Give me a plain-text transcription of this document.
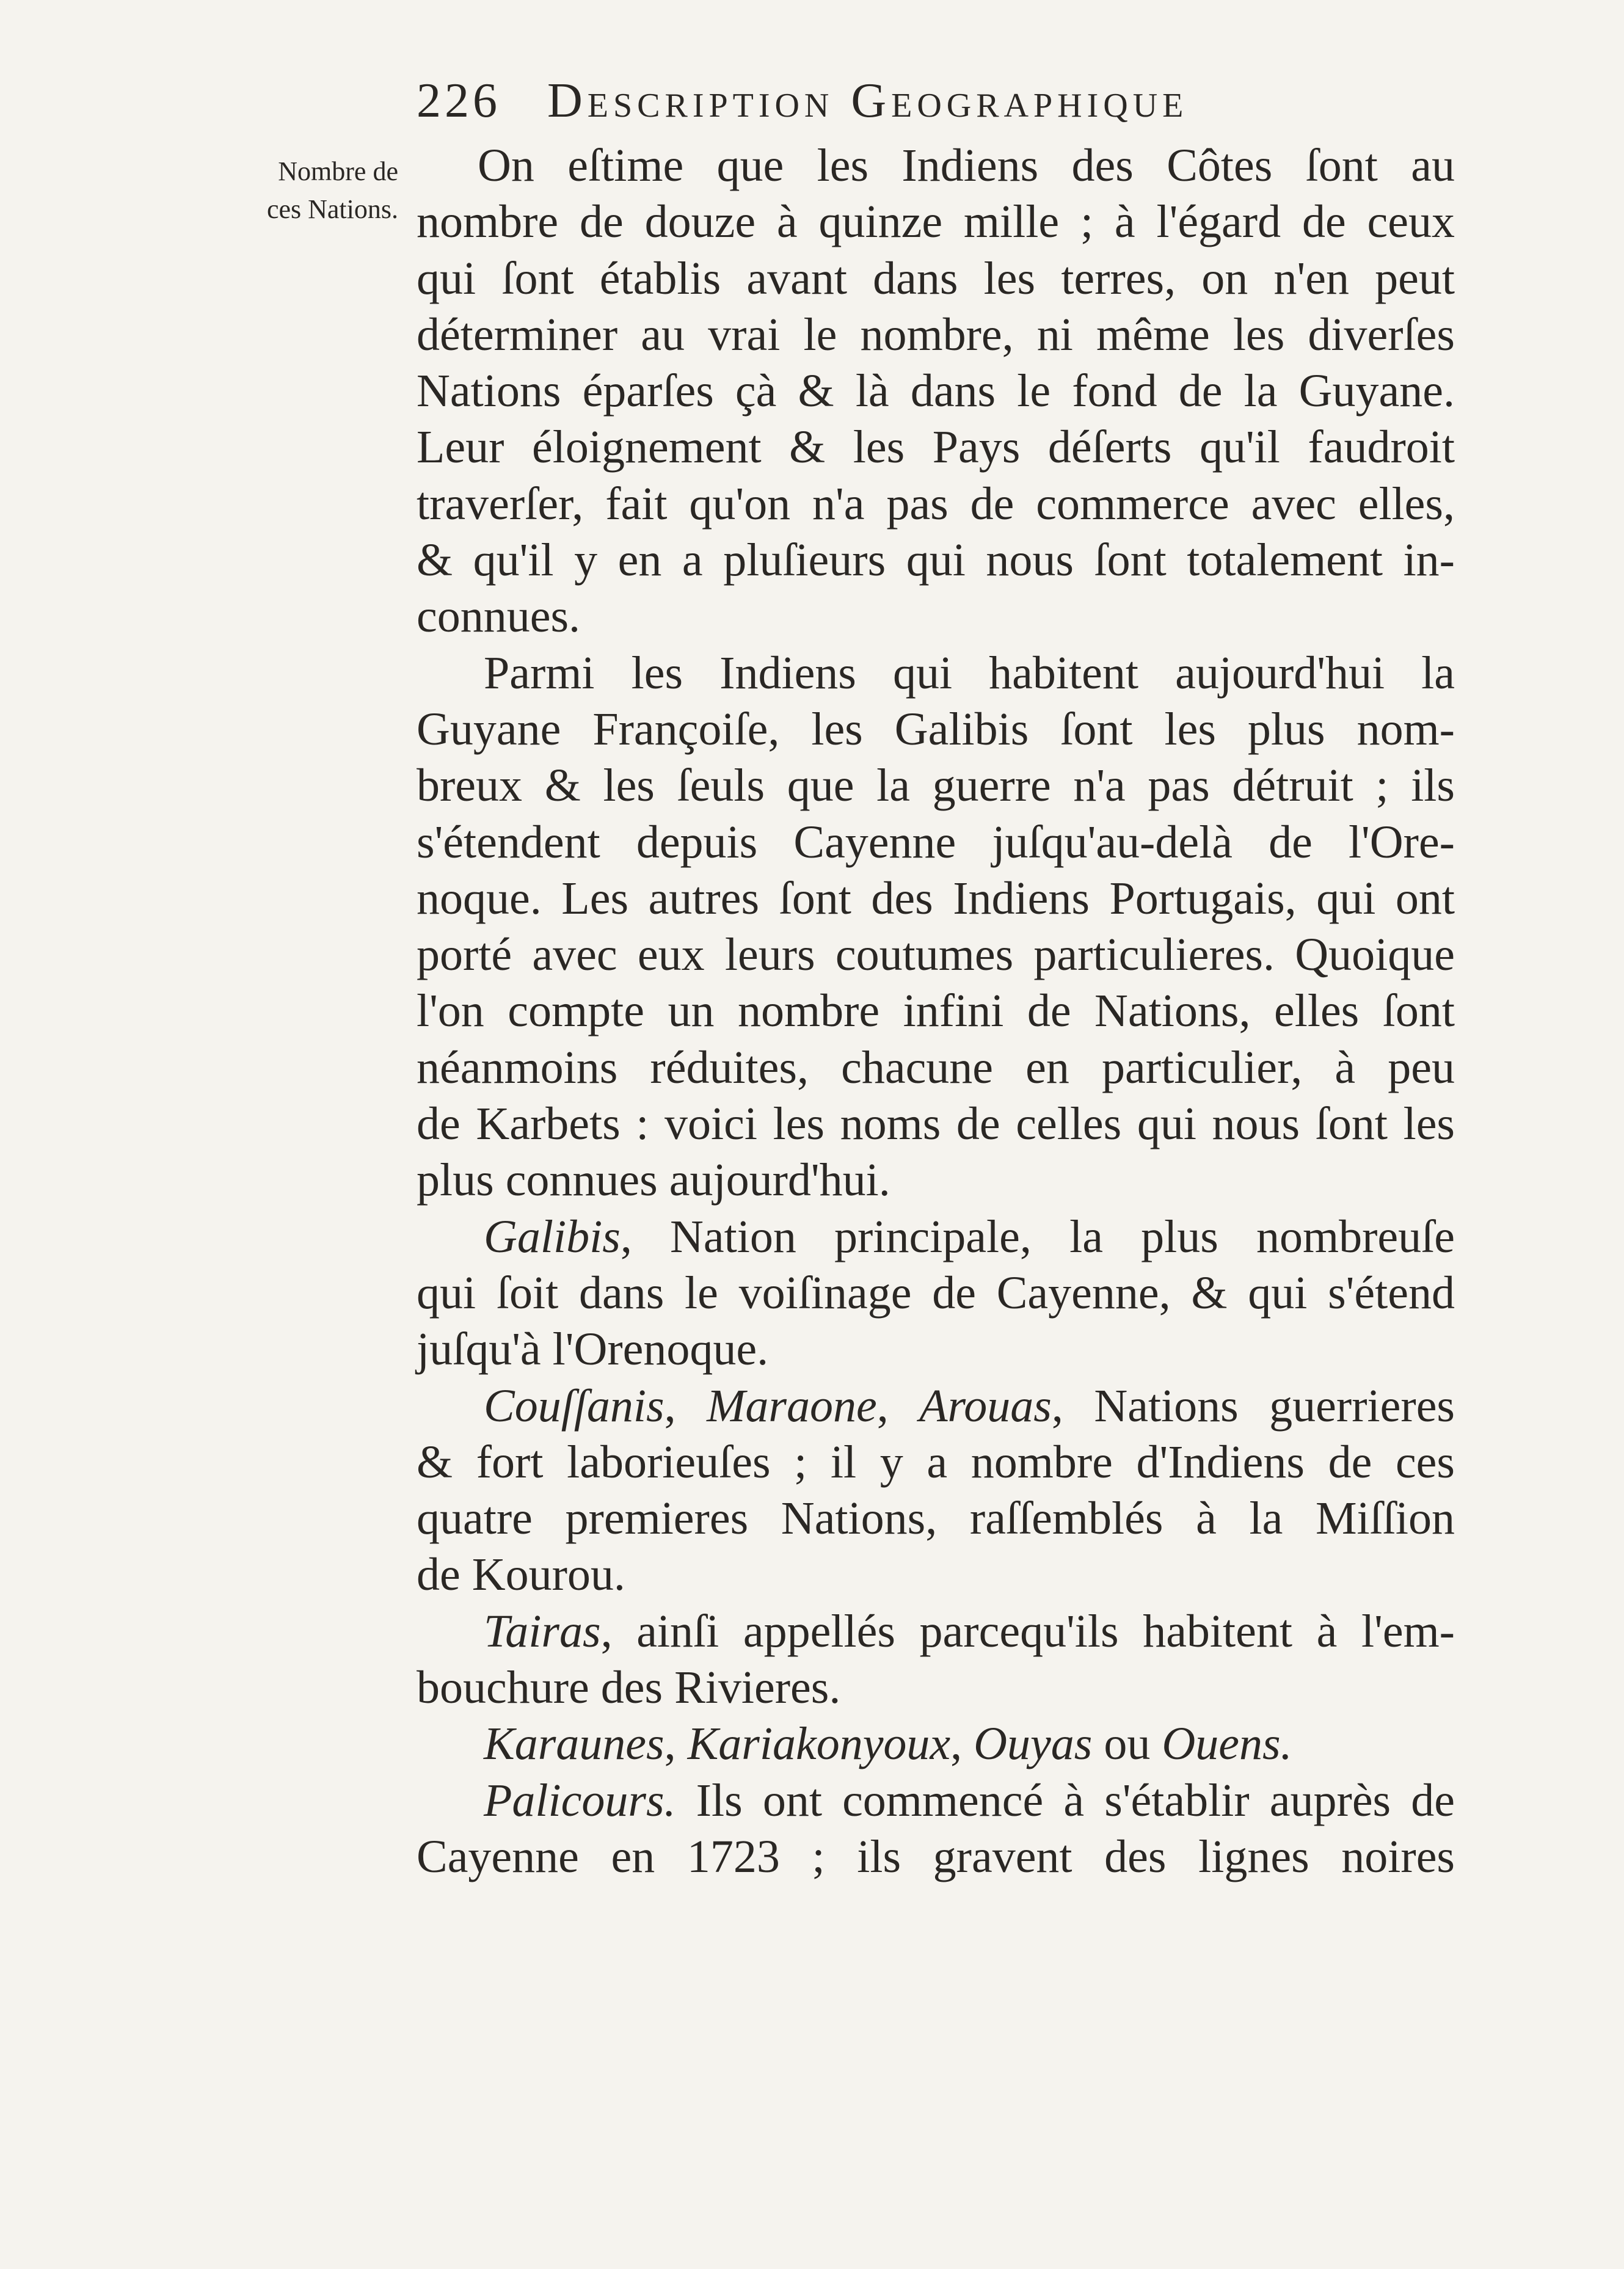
226 Description Geographique
Nombre de
ces Nations.
On eſtime que les Indiens des Côtes ſont au
nombre de douze à quinze mille ; à l'égard de ceux
qui ſont établis avant dans les terres, on n'en peut
déterminer au vrai le nombre, ni même les diverſes
Nations éparſes çà & là dans le fond de la Guyane.
Leur éloignement & les Pays déſerts qu'il faudroit
traverſer, fait qu'on n'a pas de commerce avec elles,
& qu'il y en a pluſieurs qui nous ſont totalement in-
connues.
Parmi les Indiens qui habitent aujourd'hui la
Guyane Françoiſe, les Galibis ſont les plus nom-
breux & les ſeuls que la guerre n'a pas détruit ; ils
s'étendent depuis Cayenne juſqu'au-delà de l'Ore-
noque. Les autres ſont des Indiens Portugais, qui ont
porté avec eux leurs coutumes particulieres. Quoique
l'on compte un nombre infini de Nations, elles ſont
néanmoins réduites, chacune en particulier, à peu
de Karbets : voici les noms de celles qui nous ſont les
plus connues aujourd'hui.
Galibis, Nation principale, la plus nombreuſe
qui ſoit dans le voiſinage de Cayenne, & qui s'étend
juſqu'à l'Orenoque.
Couſſanis, Maraone, Arouas, Nations guerrieres
& fort laborieuſes ; il y a nombre d'Indiens de ces
quatre premieres Nations, raſſemblés à la Miſſion
de Kourou.
Tairas, ainſi appellés parcequ'ils habitent à l'em-
bouchure des Rivieres.
Karaunes, Kariakonyoux, Ouyas ou Ouens.
Palicours. Ils ont commencé à s'établir auprès de
Cayenne en 1723 ; ils gravent des lignes noires
